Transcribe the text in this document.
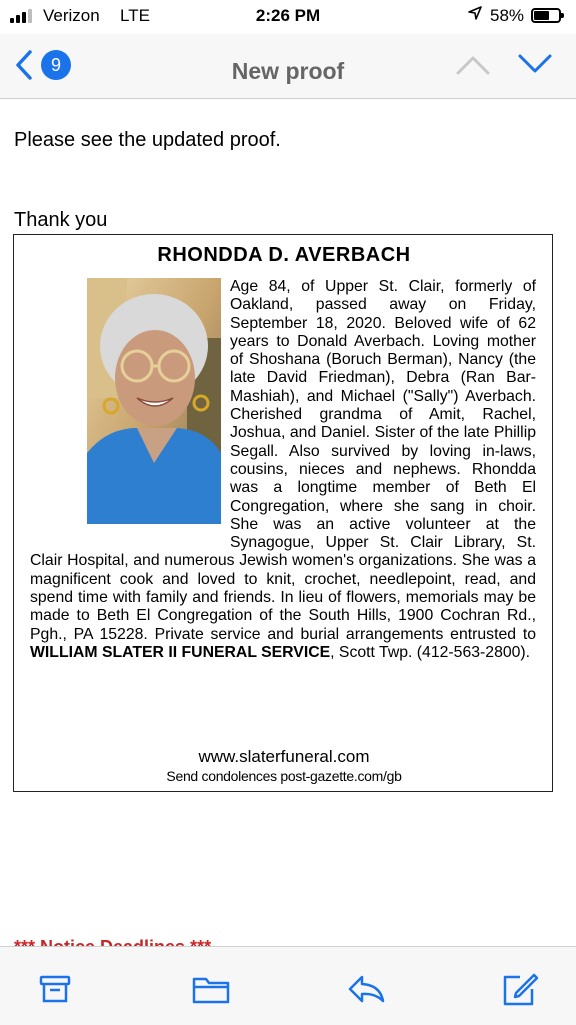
Verizon LTE	2:26 PM	58%
9	New proof
Please see the updated proof.
Thank you
RHONDDA D. AVERBACH
Age 84, of Upper St. Clair, formerly of Oakland, passed away on Friday, September 18, 2020. Beloved wife of 62 years to Donald Averbach. Loving mother of Shoshana (Boruch Berman), Nancy (the late David Friedman), Debra (Ran Bar-Mashiah), and Michael ("Sally") Averbach. Cherished grandma of Amit, Rachel, Joshua, and Daniel. Sister of the late Phillip Segall. Also survived by loving in-laws, cousins, nieces and nephews. Rhondda was a longtime member of Beth El Congregation, where she sang in choir. She was an active volunteer at the Synagogue, Upper St. Clair Library, St. Clair Hospital, and numerous Jewish women's organizations. She was a magnificent cook and loved to knit, crochet, needlepoint, read, and spend time with family and friends. In lieu of flowers, memorials may be made to Beth El Congregation of the South Hills, 1900 Cochran Rd., Pgh., PA 15228. Private service and burial arrangements entrusted to WILLIAM SLATER II FUNERAL SERVICE, Scott Twp. (412-563-2800).
www.slaterfuneral.com
Send condolences post-gazette.com/gb
